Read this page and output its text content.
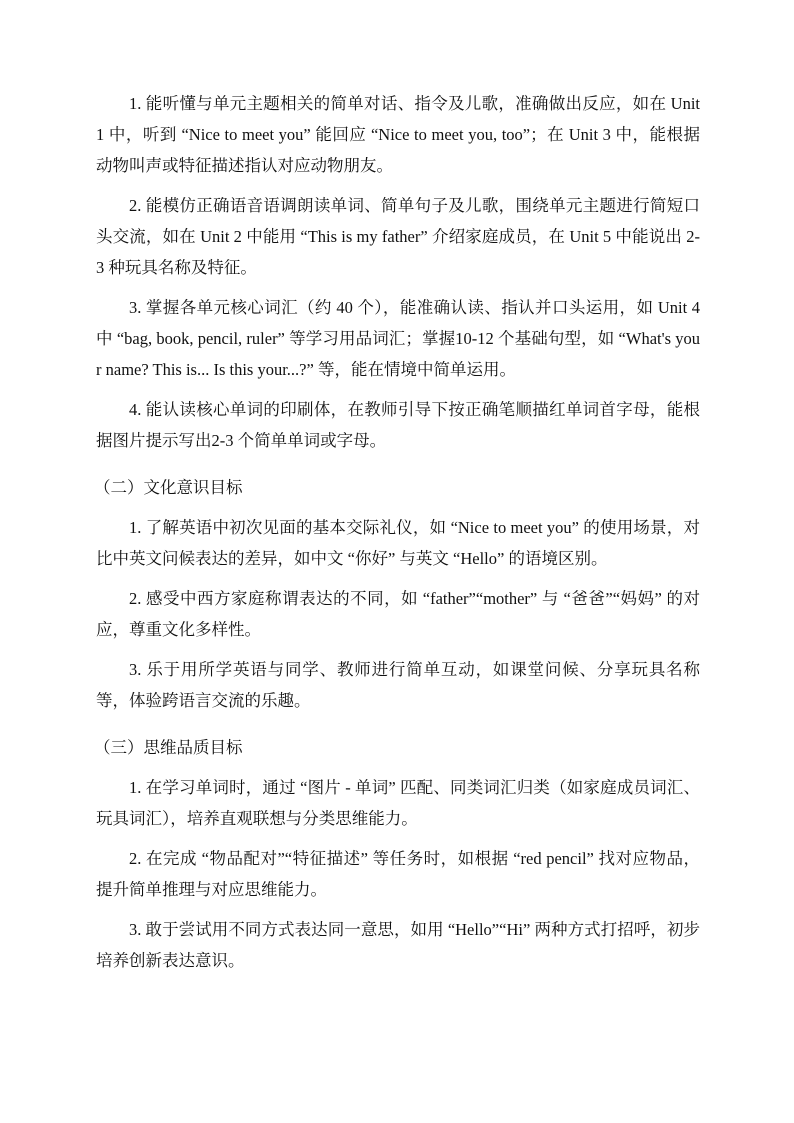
1. 能听懂与单元主题相关的简单对话、指令及儿歌，准确做出反应，如在 Unit 1 中，听到 “Nice to meet you” 能回应 “Nice to meet you, too”；在 Unit 3 中，能根据动物叫声或特征描述指认对应动物朋友。

2. 能模仿正确语音语调朗读单词、简单句子及儿歌，围绕单元主题进行简短口头交流，如在 Unit 2 中能用 “This is my father” 介绍家庭成员，在 Unit 5 中能说出 2-3 种玩具名称及特征。

3. 掌握各单元核心词汇（约 40 个），能准确认读、指认并口头运用，如 Unit 4 中 “bag, book, pencil, ruler” 等学习用品词汇；掌握10-12 个基础句型，如 “What's your name? This is... Is this your...?” 等，能在情境中简单运用。

4. 能认读核心单词的印刷体，在教师引导下按正确笔顺描红单词首字母，能根据图片提示写出2-3 个简单单词或字母。

（二）文化意识目标

1. 了解英语中初次见面的基本交际礼仪，如 “Nice to meet you” 的使用场景，对比中英文问候表达的差异，如中文 “你好” 与英文 “Hello” 的语境区别。

2. 感受中西方家庭称谓表达的不同，如 “father”“mother” 与 “爸爸”“妈妈” 的对应，尊重文化多样性。

3. 乐于用所学英语与同学、教师进行简单互动，如课堂问候、分享玩具名称等，体验跨语言交流的乐趣。

（三）思维品质目标

1. 在学习单词时，通过 “图片 - 单词” 匹配、同类词汇归类（如家庭成员词汇、玩具词汇），培养直观联想与分类思维能力。

2. 在完成 “物品配对”“特征描述” 等任务时，如根据 “red pencil” 找对应物品，提升简单推理与对应思维能力。

3. 敢于尝试用不同方式表达同一意思，如用 “Hello”“Hi” 两种方式打招呼，初步培养创新表达意识。
